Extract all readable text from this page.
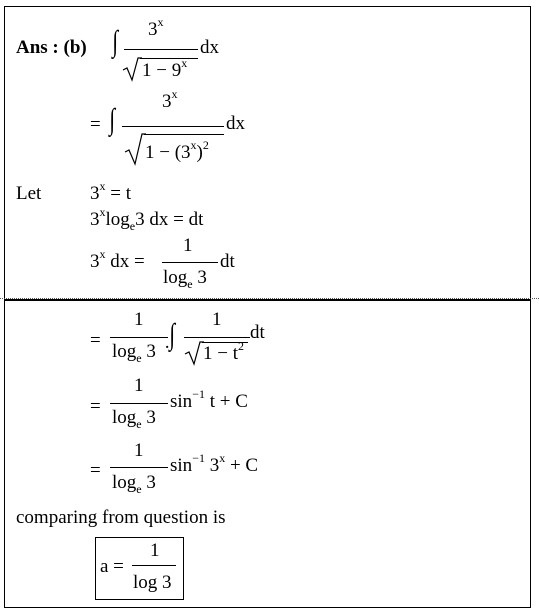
Ans : (b) ∫ 3$^x$
$1 - 9^x$
dx
= ∫
3$^x$
$1 - (3^x)^2$
dx
Let	$3^x = t$
$3^x\log_e3$ dx = dt
3$^x$ dx =
1
$\log_e 3$
dt
=
1
$\log_e 3$ ·
∫ 1
$1 - t^2$
dt
=
1
$\log_e 3$
$\sin^{-1} t + C$
=
1
$\log_e 3$
$\sin^{-1} 3^x + C$
comparing from question is
a =
1
log 3
